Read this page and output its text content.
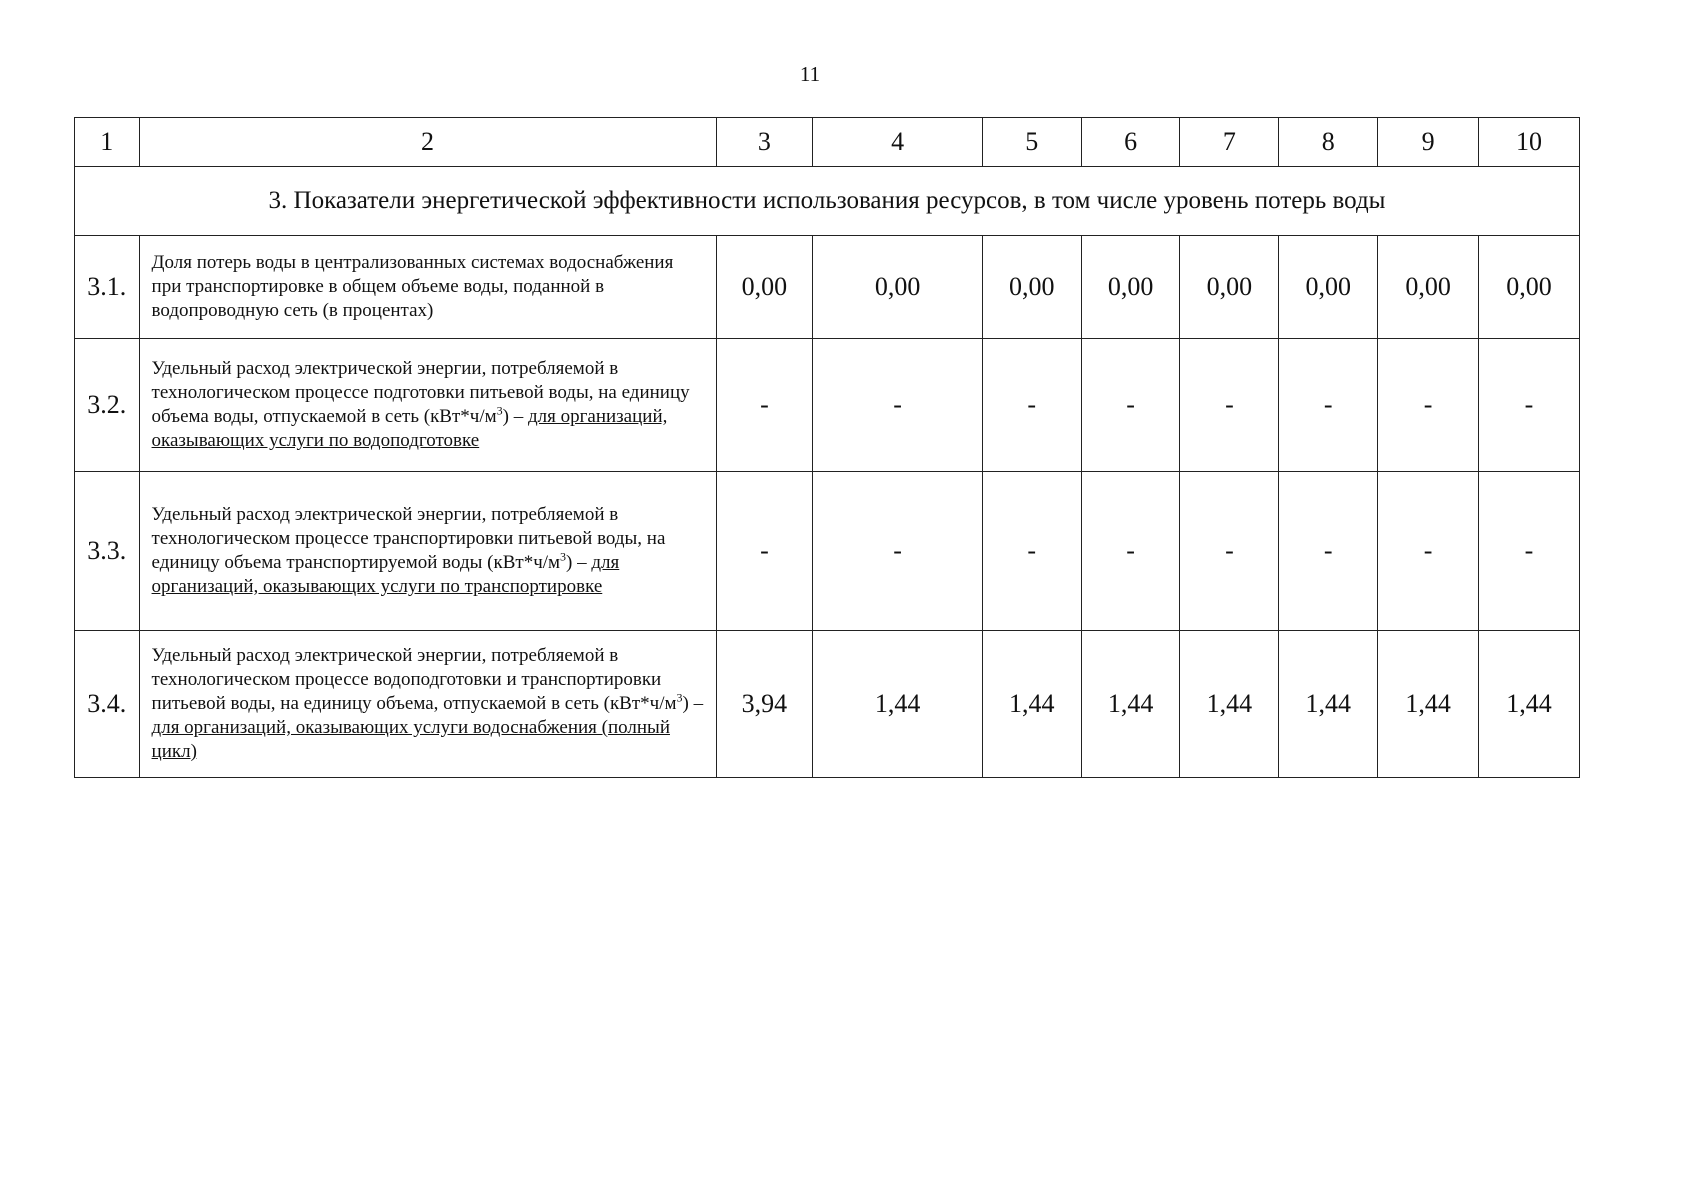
11
1	2	3	4	5	6	7	8	9	10
3. Показатели энергетической эффективности использования ресурсов, в том числе уровень потерь воды									
3.1.	Доля потерь воды в централизованных системах водоснабжения при транспортировке в общем объеме воды, поданной в водопроводную сеть (в процентах)	0,00	0,00	0,00	0,00	0,00	0,00	0,00	0,00
3.2.	Удельный расход электрической энергии, потребляемой в технологическом процессе подготовки питьевой воды, на единицу объема воды, отпускаемой в сеть $(кВт*ч/м^3)$ – для организаций, оказывающих услуги по водоподготовке	-	-	-	-	-	-	-	-
3.3.	Удельный расход электрической энергии, потребляемой в технологическом процессе транспортировки питьевой воды, на единицу объема транспортируемой воды $(кВт*ч/м^3)$ – для организаций, оказывающих услуги по транспортировке	-	-	-	-	-	-	-	-
3.4.	Удельный расход электрической энергии, потребляемой в технологическом процессе водоподготовки и транспортировки питьевой воды, на единицу объема, отпускаемой в сеть $(кВт*ч/м^3)$ – для организаций, оказывающих услуги водоснабжения (полный цикл)	3,94	1,44	1,44	1,44	1,44	1,44	1,44	1,44
